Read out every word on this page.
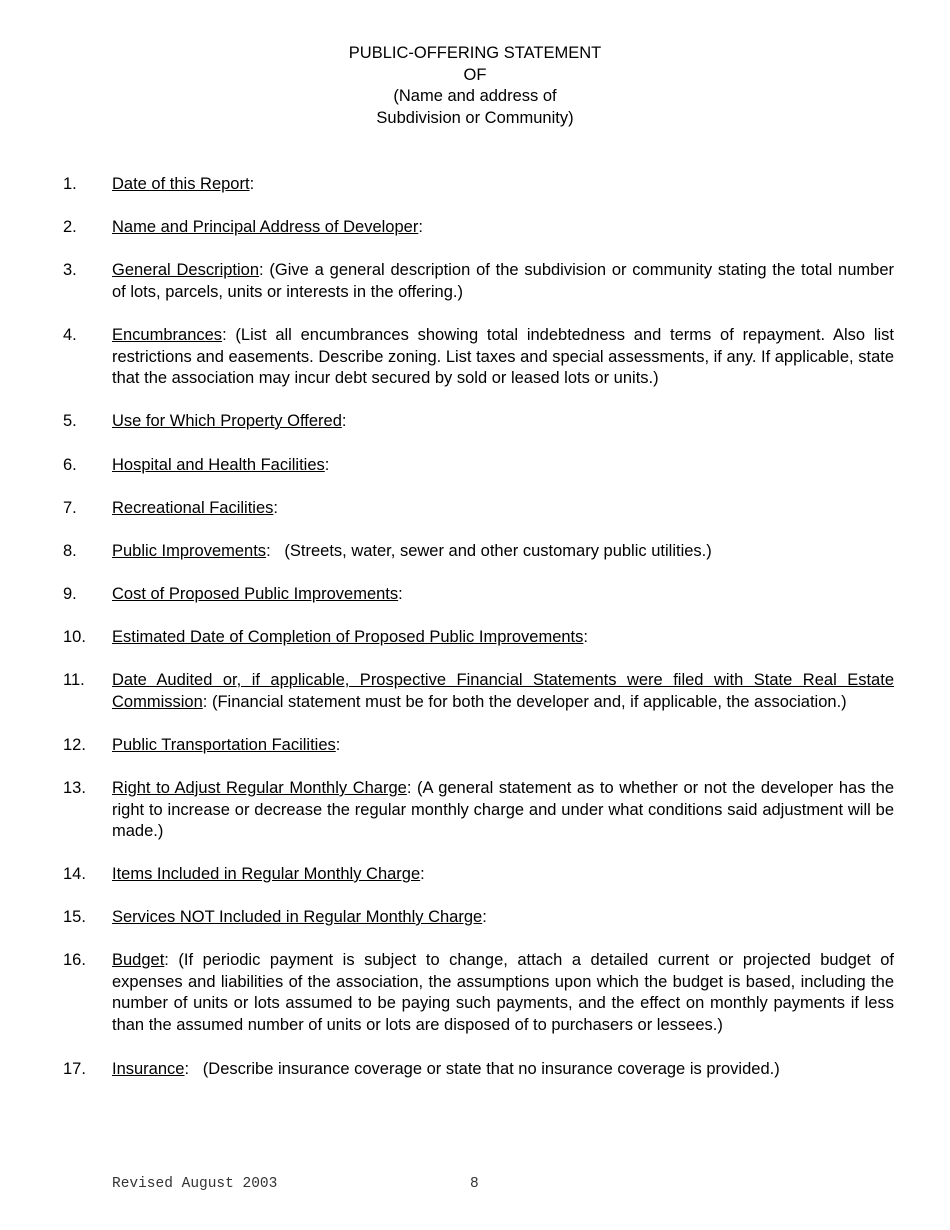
PUBLIC-OFFERING STATEMENT
OF
(Name and address of
Subdivision or Community)
1.	Date of this Report:
2.	Name and Principal Address of Developer:
3.	General Description: (Give a general description of the subdivision or community stating the total number of lots, parcels, units or interests in the offering.)
4.	Encumbrances: (List all encumbrances showing total indebtedness and terms of repayment. Also list restrictions and easements. Describe zoning. List taxes and special assessments, if any. If applicable, state that the association may incur debt secured by sold or leased lots or units.)
5.	Use for Which Property Offered:
6.	Hospital and Health Facilities:
7.	Recreational Facilities:
8.	Public Improvements:   (Streets, water, sewer and other customary public utilities.)
9.	Cost of Proposed Public Improvements:
10.	Estimated Date of Completion of Proposed Public Improvements:
11.	Date Audited or, if applicable, Prospective Financial Statements were filed with State Real Estate Commission: (Financial statement must be for both the developer and, if applicable, the association.)
12.	Public Transportation Facilities:
13.	Right to Adjust Regular Monthly Charge: (A general statement as to whether or not the developer has the right to increase or decrease the regular monthly charge and under what conditions said adjustment will be made.)
14.	Items Included in Regular Monthly Charge:
15.	Services NOT Included in Regular Monthly Charge:
16.	Budget: (If periodic payment is subject to change, attach a detailed current or projected budget of expenses and liabilities of the association, the assumptions upon which the budget is based, including the number of units or lots assumed to be paying such payments, and the effect on monthly payments if less than the assumed number of units or lots are disposed of to purchasers or lessees.)
17.	Insurance:   (Describe insurance coverage or state that no insurance coverage is provided.)
Revised August 2003	8
